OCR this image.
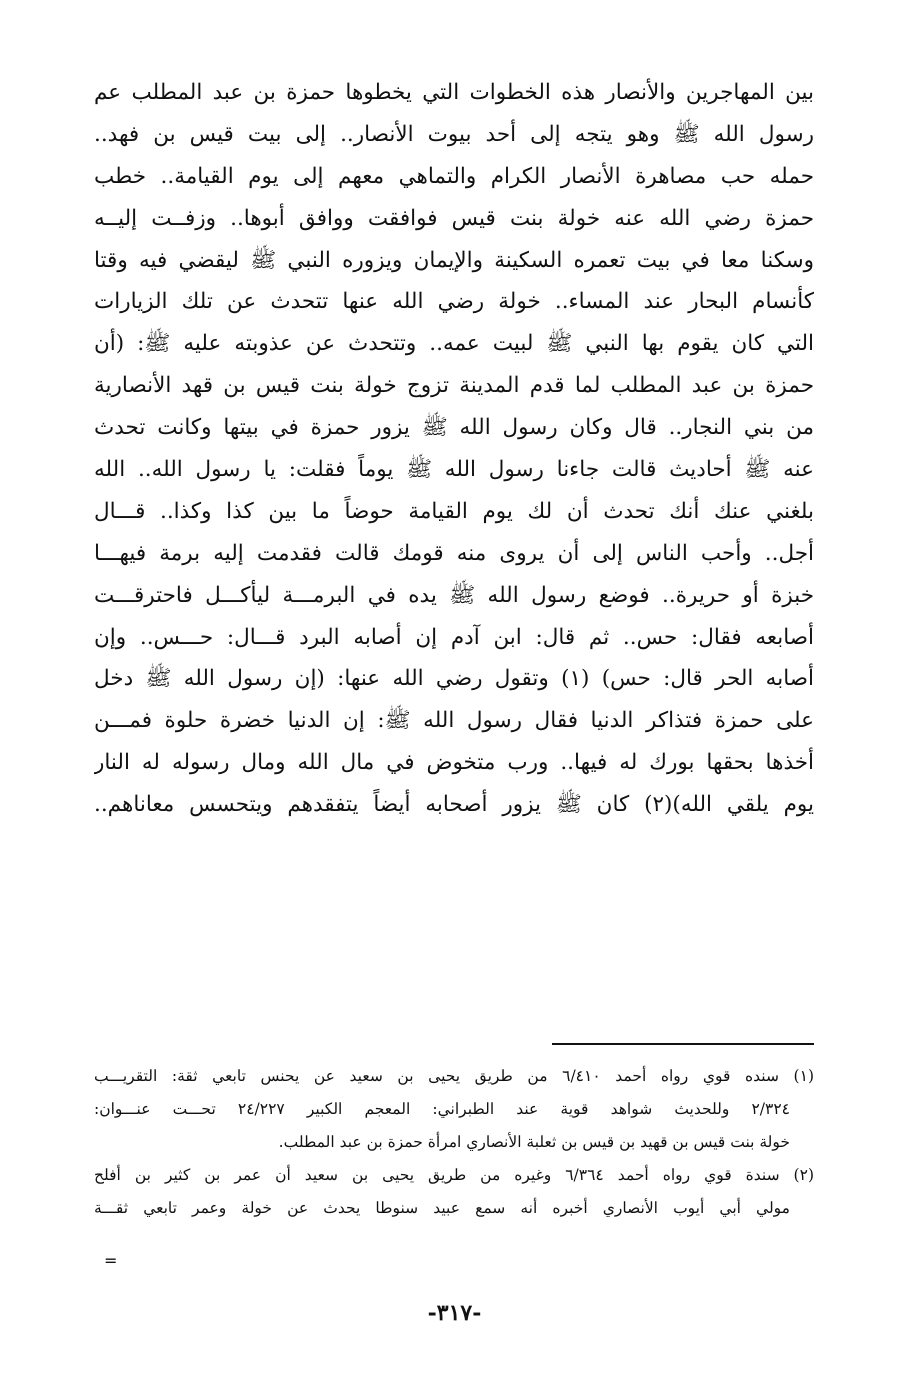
بين المهاجرين والأنصار هذه الخطوات التي يخطوها حمزة بن عبد المطلب عم
رسول الله ﷺ وهو يتجه إلى أحد بيوت الأنصار.. إلى بيت قيس بن فهد..
حمله حب مصاهرة الأنصار الكرام والتماهي معهم إلى يوم القيامة.. خطب
حمزة رضي الله عنه خولة بنت قيس فوافقت ووافق أبوها.. وزفــت إليــه
وسكنا معا في بيت تعمره السكينة والإيمان ويزوره النبي ﷺ ليقضي فيه وقتا
كأنسام البحار عند المساء.. خولة رضي الله عنها تتحدث عن تلك الزيارات
التي كان يقوم بها النبي ﷺ لبيت عمه.. وتتحدث عن عذوبته عليه ﷺ: (أن
حمزة بن عبد المطلب لما قدم المدينة تزوج خولة بنت قيس بن قهد الأنصارية
من بني النجار.. قال وكان رسول الله ﷺ يزور حمزة في بيتها وكانت تحدث
عنه ﷺ أحاديث قالت جاءنا رسول الله ﷺ يوماً فقلت: يا رسول الله.. الله
بلغني عنك أنك تحدث أن لك يوم القيامة حوضاً ما بين كذا وكذا.. قـــال
أجل.. وأحب الناس إلى أن يروى منه قومك قالت فقدمت إليه برمة فيهـــا
خبزة أو حريرة.. فوضع رسول الله ﷺ يده في البرمـــة ليأكـــل فاحترقـــت
أصابعه فقال: حس.. ثم قال: ابن آدم إن أصابه البرد قـــال: حـــس.. وإن
أصابه الحر قال: حس) (١) وتقول رضي الله عنها: (إن رسول الله ﷺ دخل
على حمزة فتذاكر الدنيا فقال رسول الله ﷺ: إن الدنيا خضرة حلوة فمـــن
أخذها بحقها بورك له فيها.. ورب متخوض في مال الله ومال رسوله له النار
يوم يلقي الله)(٢) كان ﷺ يزور أصحابه أيضاً يتفقدهم ويتحسس معاناهم..
(١) سنده قوي رواه أحمد ٦/٤١٠ من طريق يحيى بن سعيد عن يحنس تابعي ثقة: التقريـــب
٢/٣٢٤ وللحديث شواهد قوية عند الطبراني: المعجم الكبير ٢٤/٢٢٧ تحـــت عنـــوان:
خولة بنت قيس بن قهيد بن قيس بن ثعلبة الأنصاري امرأة حمزة بن عبد المطلب.
(٢) سندة قوي رواه أحمد ٦/٣٦٤ وغيره من طريق يحيى بن سعيد أن عمر بن كثير بن أفلح
مولي أبي أيوب الأنصاري أخبره أنه سمع عبيد سنوطا يحدث عن خولة وعمر تابعي ثقـــة
=
-٣١٧-
